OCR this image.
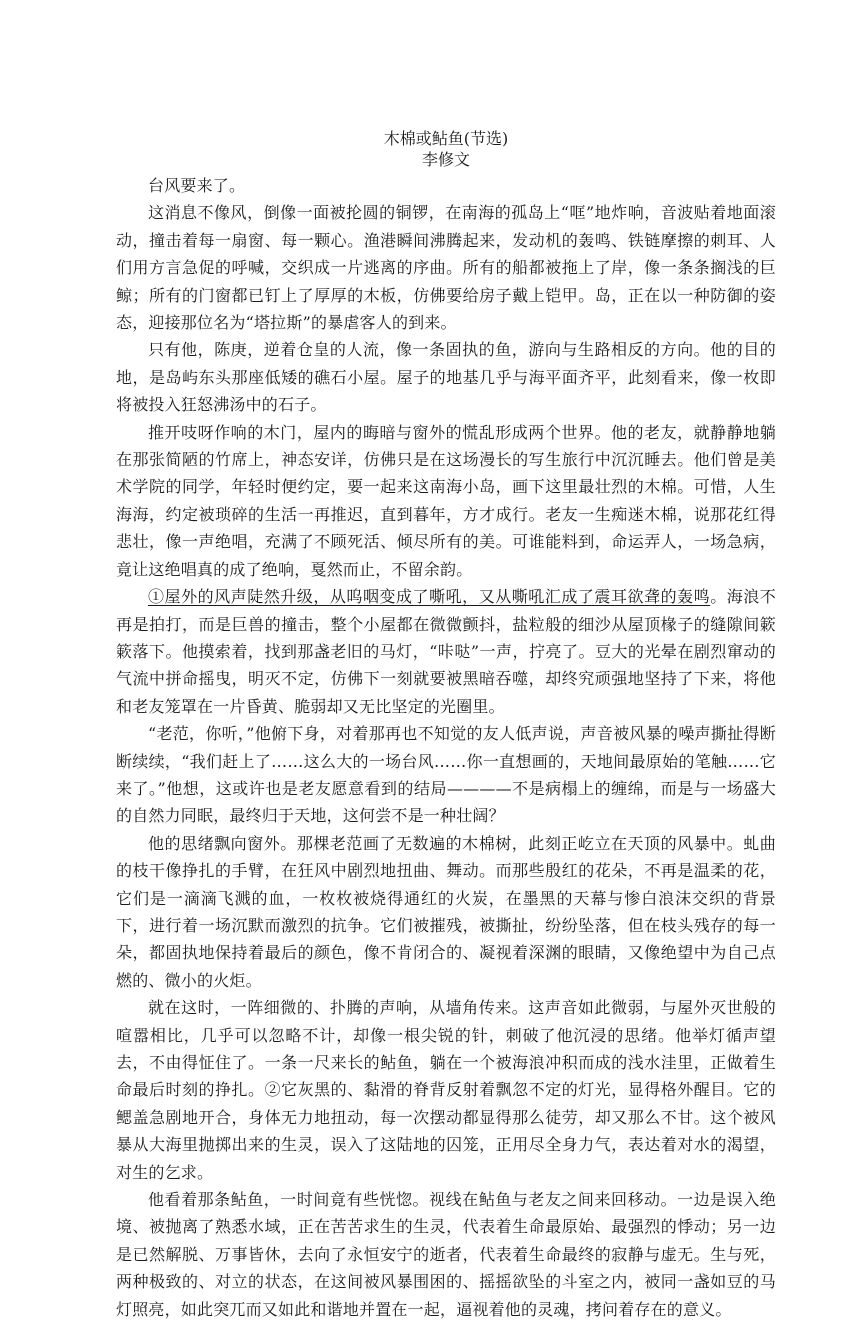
木棉或鲇鱼(节选)

李修文

台风要来了。

这消息不像风，倒像一面被抡圆的铜锣，在南海的孤岛上“哐”地炸响，音波贴着地面滚动，撞击着每一扇窗、每一颗心。渔港瞬间沸腾起来，发动机的轰鸣、铁链摩擦的刺耳、人们用方言急促的呼喊，交织成一片逃离的序曲。所有的船都被拖上了岸，像一条条搁浅的巨鲸；所有的门窗都已钉上了厚厚的木板，仿佛要给房子戴上铠甲。岛，正在以一种防御的姿态，迎接那位名为“塔拉斯”的暴虐客人的到来。

只有他，陈庚，逆着仓皇的人流，像一条固执的鱼，游向与生路相反的方向。他的目的地，是岛屿东头那座低矮的礁石小屋。屋子的地基几乎与海平面齐平，此刻看来，像一枚即将被投入狂怒沸汤中的石子。

推开吱呀作响的木门，屋内的晦暗与窗外的慌乱形成两个世界。他的老友，就静静地躺在那张简陋的竹席上，神态安详，仿佛只是在这场漫长的写生旅行中沉沉睡去。他们曾是美术学院的同学，年轻时便约定，要一起来这南海小岛，画下这里最壮烈的木棉。可惜，人生海海，约定被琐碎的生活一再推迟，直到暮年，方才成行。老友一生痴迷木棉，说那花红得悲壮，像一声绝唱，充满了不顾死活、倾尽所有的美。可谁能料到，命运弄人，一场急病，竟让这绝唱真的成了绝响，戛然而止，不留余韵。

①屋外的风声陡然升级，从呜咽变成了嘶吼，又从嘶吼汇成了震耳欲聋的轰鸣。海浪不再是拍打，而是巨兽的撞击，整个小屋都在微微颤抖，盐粒般的细沙从屋顶椽子的缝隙间簌簌落下。他摸索着，找到那盏老旧的马灯，“咔哒”一声，拧亮了。豆大的光晕在剧烈窜动的气流中拼命摇曳，明灭不定，仿佛下一刻就要被黑暗吞噬，却终究顽强地坚持了下来，将他和老友笼罩在一片昏黄、脆弱却又无比坚定的光圈里。

“老范，你听，”他俯下身，对着那再也不知觉的友人低声说，声音被风暴的噪声撕扯得断断续续，“我们赶上了……这么大的一场台风……你一直想画的，天地间最原始的笔触……它来了。”他想，这或许也是老友愿意看到的结局————不是病榻上的缠绵，而是与一场盛大的自然力同眠，最终归于天地，这何尝不是一种壮阔？

他的思绪飘向窗外。那棵老范画了无数遍的木棉树，此刻正屹立在天顶的风暴中。虬曲的枝干像挣扎的手臂，在狂风中剧烈地扭曲、舞动。而那些殷红的花朵，不再是温柔的花，它们是一滴滴飞溅的血，一枚枚被烧得通红的火炭，在墨黑的天幕与惨白浪沫交织的背景下，进行着一场沉默而激烈的抗争。它们被摧残，被撕扯，纷纷坠落，但在枝头残存的每一朵，都固执地保持着最后的颜色，像不肯闭合的、凝视着深渊的眼睛，又像绝望中为自己点燃的、微小的火炬。

就在这时，一阵细微的、扑腾的声响，从墙角传来。这声音如此微弱，与屋外灭世般的喧嚣相比，几乎可以忽略不计，却像一根尖锐的针，刺破了他沉浸的思绪。他举灯循声望去，不由得怔住了。一条一尺来长的鲇鱼，躺在一个被海浪冲积而成的浅水洼里，正做着生命最后时刻的挣扎。②它灰黑的、黏滑的脊背反射着飘忽不定的灯光，显得格外醒目。它的鳃盖急剧地开合，身体无力地扭动，每一次摆动都显得那么徒劳，却又那么不甘。这个被风暴从大海里抛掷出来的生灵，误入了这陆地的囚笼，正用尽全身力气，表达着对水的渴望，对生的乞求。

他看着那条鲇鱼，一时间竟有些恍惚。视线在鲇鱼与老友之间来回移动。一边是误入绝境、被抛离了熟悉水域，正在苦苦求生的生灵，代表着生命最原始、最强烈的悸动；另一边是已然解脱、万事皆休，去向了永恒安宁的逝者，代表着生命最终的寂静与虚无。生与死，两种极致的、对立的状态，在这间被风暴围困的、摇摇欲坠的斗室之内，被同一盏如豆的马灯照亮，如此突兀而又如此和谐地并置在一起，逼视着他的灵魂，拷问着存在的意义。
